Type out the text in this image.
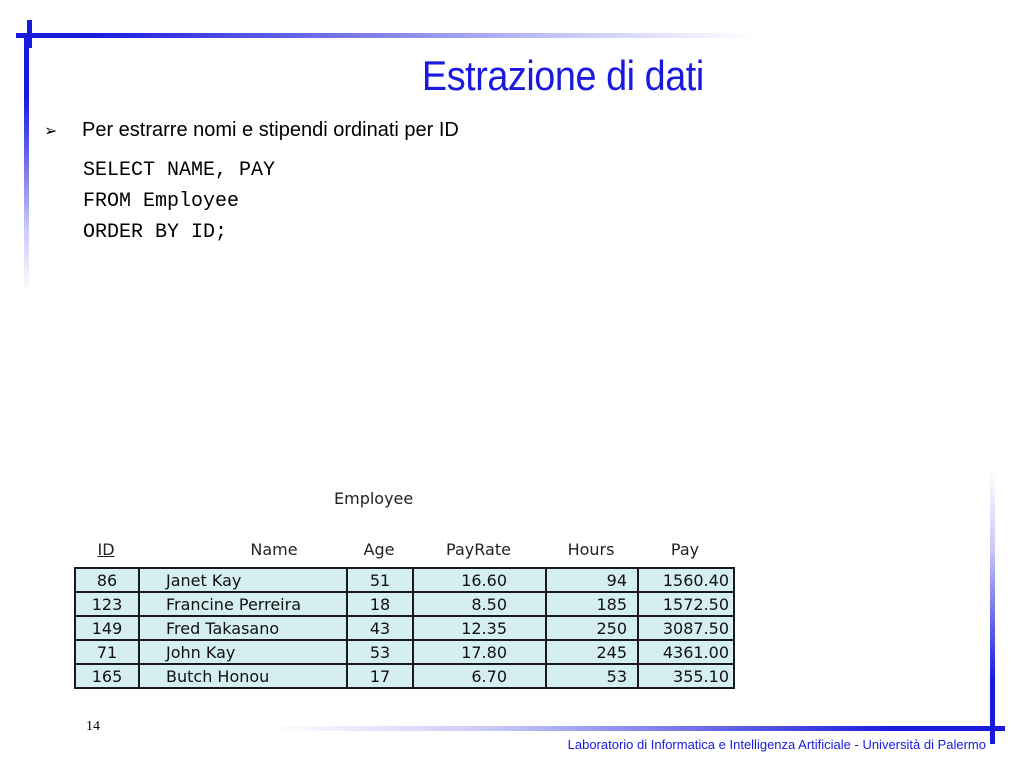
Estrazione di dati
➢ Per estrarre nomi e stipendi ordinati per ID
SELECT NAME, PAY
FROM Employee
ORDER BY ID;
Employee
ID	Name	Age	PayRate	Hours	Pay
86	Janet Kay	51	16.60	94	1560.40
123	Francine Perreira	18	8.50	185	1572.50
149	Fred Takasano	43	12.35	250	3087.50
71	John Kay	53	17.80	245	4361.00
165	Butch Honou	17	6.70	53	355.10
14
Laboratorio di Informatica e Intelligenza Artificiale - Università di Palermo
